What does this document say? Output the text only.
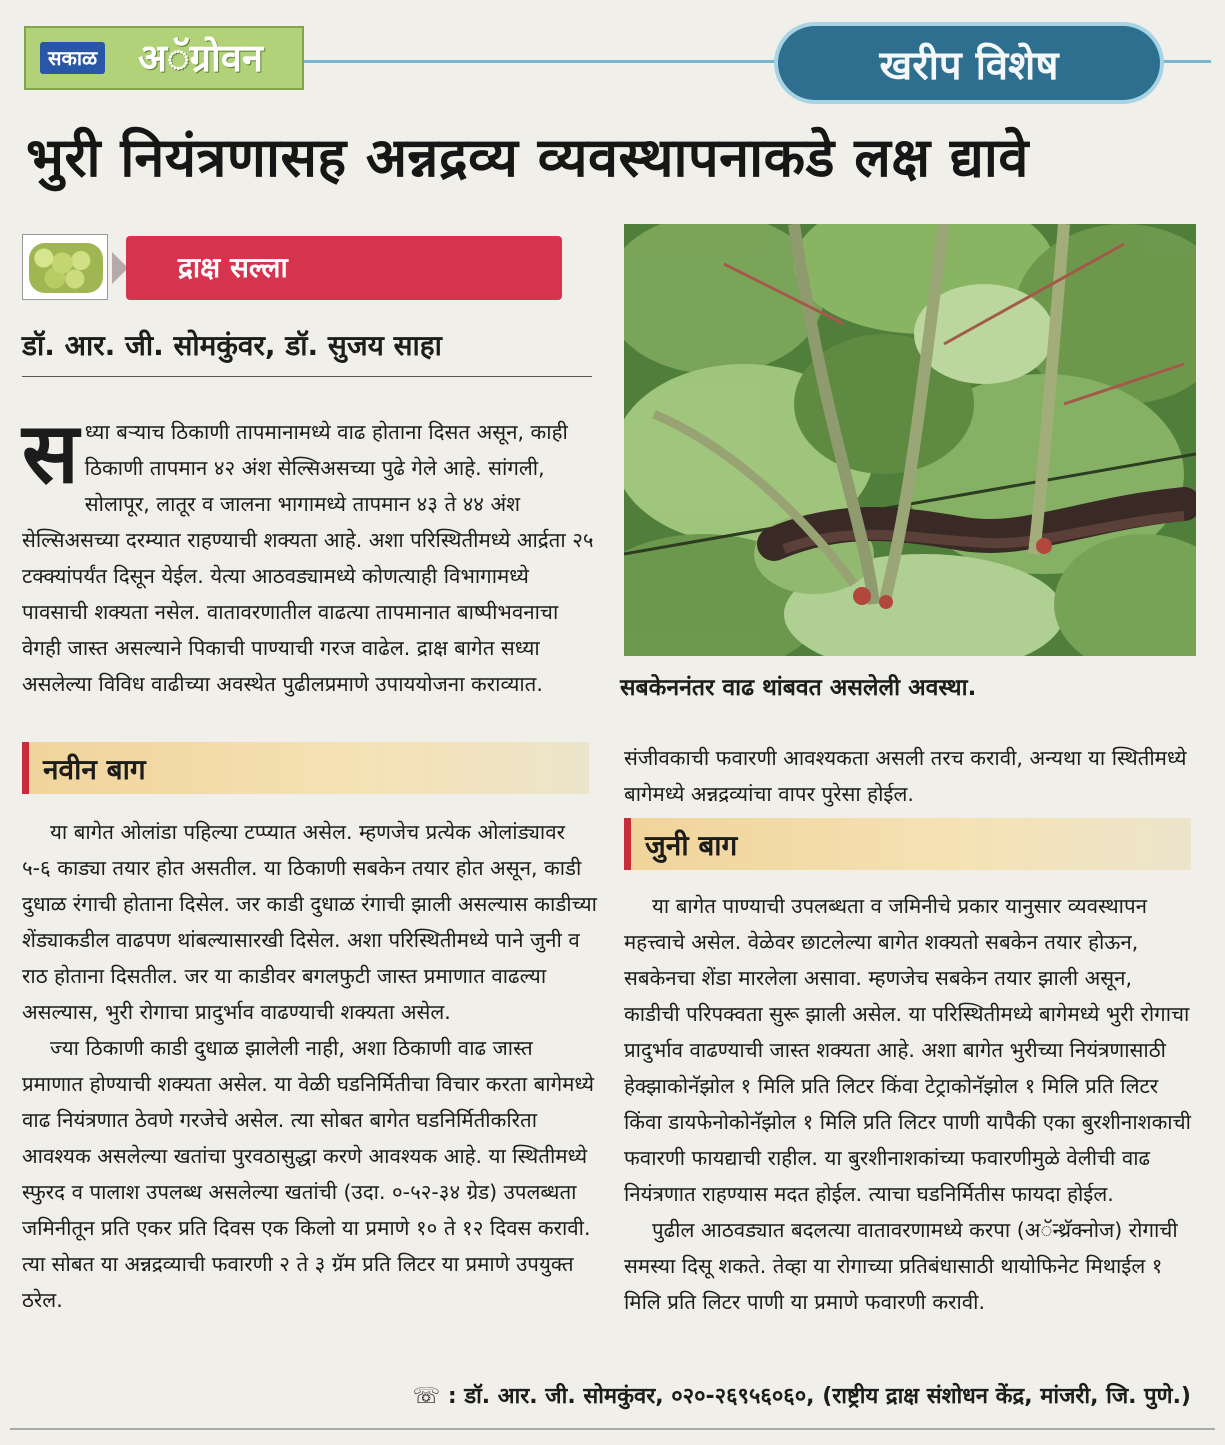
सकाळ अॅग्रोवन	खरीप विशेष
भुरी नियंत्रणासह अन्नद्रव्य व्यवस्थापनाकडे लक्ष द्यावे
द्राक्ष सल्ला
डॉ. आर. जी. सोमकुंवर, डॉ. सुजय साहा
स ध्या बऱ्याच ठिकाणी तापमानामध्ये वाढ होताना दिसत असून, काही ठिकाणी तापमान ४२ अंश सेल्सिअसच्या पुढे गेले आहे. सांगली, सोलापूर, लातूर व जालना भागामध्ये तापमान ४३ ते ४४ अंश सेल्सिअसच्या दरम्यात राहण्याची शक्यता आहे. अशा परिस्थितीमध्ये आर्द्रता २५ टक्क्यांपर्यंत दिसून येईल. येत्या आठवड्यामध्ये कोणत्याही विभागामध्ये पावसाची शक्यता नसेल. वातावरणातील वाढत्या तापमानात बाष्पीभवनाचा वेगही जास्त असल्याने पिकाची पाण्याची गरज वाढेल. द्राक्ष बागेत सध्या असलेल्या विविध वाढीच्या अवस्थेत पुढीलप्रमाणे उपाययोजना कराव्यात.
नवीन बाग

या बागेत ओलांडा पहिल्या टप्प्यात असेल. म्हणजेच प्रत्येक ओलांड्यावर ५-६ काड्या तयार होत असतील. या ठिकाणी सबकेन तयार होत असून, काडी दुधाळ रंगाची होताना दिसेल. जर काडी दुधाळ रंगाची झाली असल्यास काडीच्या शेंड्याकडील वाढपण थांबल्यासारखी दिसेल. अशा परिस्थितीमध्ये पाने जुनी व राठ होताना दिसतील. जर या काडीवर बगलफुटी जास्त प्रमाणात वाढल्या असल्यास, भुरी रोगाचा प्रादुर्भाव वाढण्याची शक्यता असेल.

ज्या ठिकाणी काडी दुधाळ झालेली नाही, अशा ठिकाणी वाढ जास्त प्रमाणात होण्याची शक्यता असेल. या वेळी घडनिर्मितीचा विचार करता बागेमध्ये वाढ नियंत्रणात ठेवणे गरजेचे असेल. त्या सोबत बागेत घडनिर्मितीकरिता आवश्यक असलेल्या खतांचा पुरवठासुद्धा करणे आवश्यक आहे. या स्थितीमध्ये स्फुरद व पालाश उपलब्ध असलेल्या खतांची (उदा. ०-५२-३४ ग्रेड) उपलब्धता जमिनीतून प्रति एकर प्रति दिवस एक किलो या प्रमाणे १० ते १२ दिवस करावी. त्या सोबत या अन्नद्रव्याची फवारणी २ ते ३ ग्रॅम प्रति लिटर या प्रमाणे उपयुक्त ठरेल.

सबकेननंतर वाढ थांबवत असलेली अवस्था.

संजीवकाची फवारणी आवश्यकता असली तरच करावी, अन्यथा या स्थितीमध्ये बागेमध्ये अन्नद्रव्यांचा वापर पुरेसा होईल.

जुनी बाग

या बागेत पाण्याची उपलब्धता व जमिनीचे प्रकार यानुसार व्यवस्थापन महत्त्वाचे असेल. वेळेवर छाटलेल्या बागेत शक्यतो सबकेन तयार होऊन, सबकेनचा शेंडा मारलेला असावा. म्हणजेच सबकेन तयार झाली असून, काडीची परिपक्वता सुरू झाली असेल. या परिस्थितीमध्ये बागेमध्ये भुरी रोगाचा प्रादुर्भाव वाढण्याची जास्त शक्यता आहे. अशा बागेत भुरीच्या नियंत्रणासाठी हेक्झाकोनॅझोल १ मिलि प्रति लिटर किंवा टेट्राकोनॅझोल १ मिलि प्रति लिटर किंवा डायफेनोकोनॅझोल १ मिलि प्रति लिटर पाणी यापैकी एका बुरशीनाशकाची फवारणी फायद्याची राहील. या बुरशीनाशकांच्या फवारणीमुळे वेलीची वाढ नियंत्रणात राहण्यास मदत होईल. त्याचा घडनिर्मितीस फायदा होईल.

पुढील आठवड्यात बदलत्या वातावरणामध्ये करपा (अॅन्थ्रॅक्नोज) रोगाची समस्या दिसू शकते. तेव्हा या रोगाच्या प्रतिबंधासाठी थायोफिनेट मिथाईल १ मिलि प्रति लिटर पाणी या प्रमाणे फवारणी करावी.

☏ : डॉ. आर. जी. सोमकुंवर, ०२०-२६९५६०६०, (राष्ट्रीय द्राक्ष संशोधन केंद्र, मांजरी, जि. पुणे.)
